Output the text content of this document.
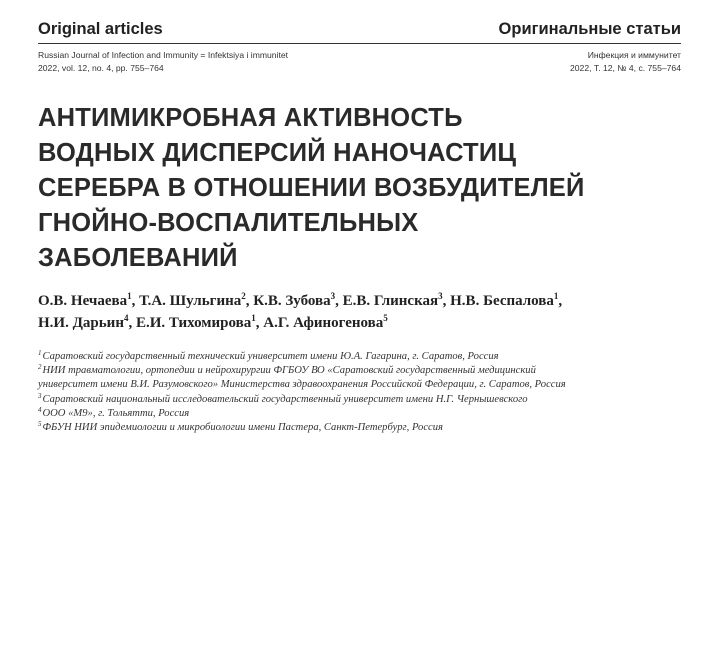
Original articles	Оригинальные статьи
Russian Journal of Infection and Immunity = Infektsiya i immunitet
2022, vol. 12, no. 4, pp. 755–764
Инфекция и иммунитет
2022, Т. 12, № 4, с. 755–764
АНТИМИКРОБНАЯ АКТИВНОСТЬ
ВОДНЫХ ДИСПЕРСИЙ НАНОЧАСТИЦ
СЕРЕБРА В ОТНОШЕНИИ ВОЗБУДИТЕЛЕЙ
ГНОЙНО-ВОСПАЛИТЕЛЬНЫХ
ЗАБОЛЕВАНИЙ
О.В. Нечаева$^1$, Т.А. Шульгина$^2$, К.В. Зубова$^3$, Е.В. Глинская$^3$, Н.В. Беспалова$^1$,
Н.И. Дарьин$^4$, Е.И. Тихомирова$^1$, А.Г. Афиногенова$^5$
$^1$Саратовский государственный технический университет имени Ю.А. Гагарина, г. Саратов, Россия
$^2$НИИ травматологии, ортопедии и нейрохирургии ФГБОУ ВО «Саратовский государственный медицинский
университет имени В.И. Разумовского» Министерства здравоохранения Российской Федерации, г. Саратов, Россия
$^3$Саратовский национальный исследовательский государственный университет имени Н.Г. Чернышевского
$^4$ООО «М9», г. Тольятти, Россия
$^5$ФБУН НИИ эпидемиологии и микробиологии имени Пастера, Санкт-Петербург, Россия
